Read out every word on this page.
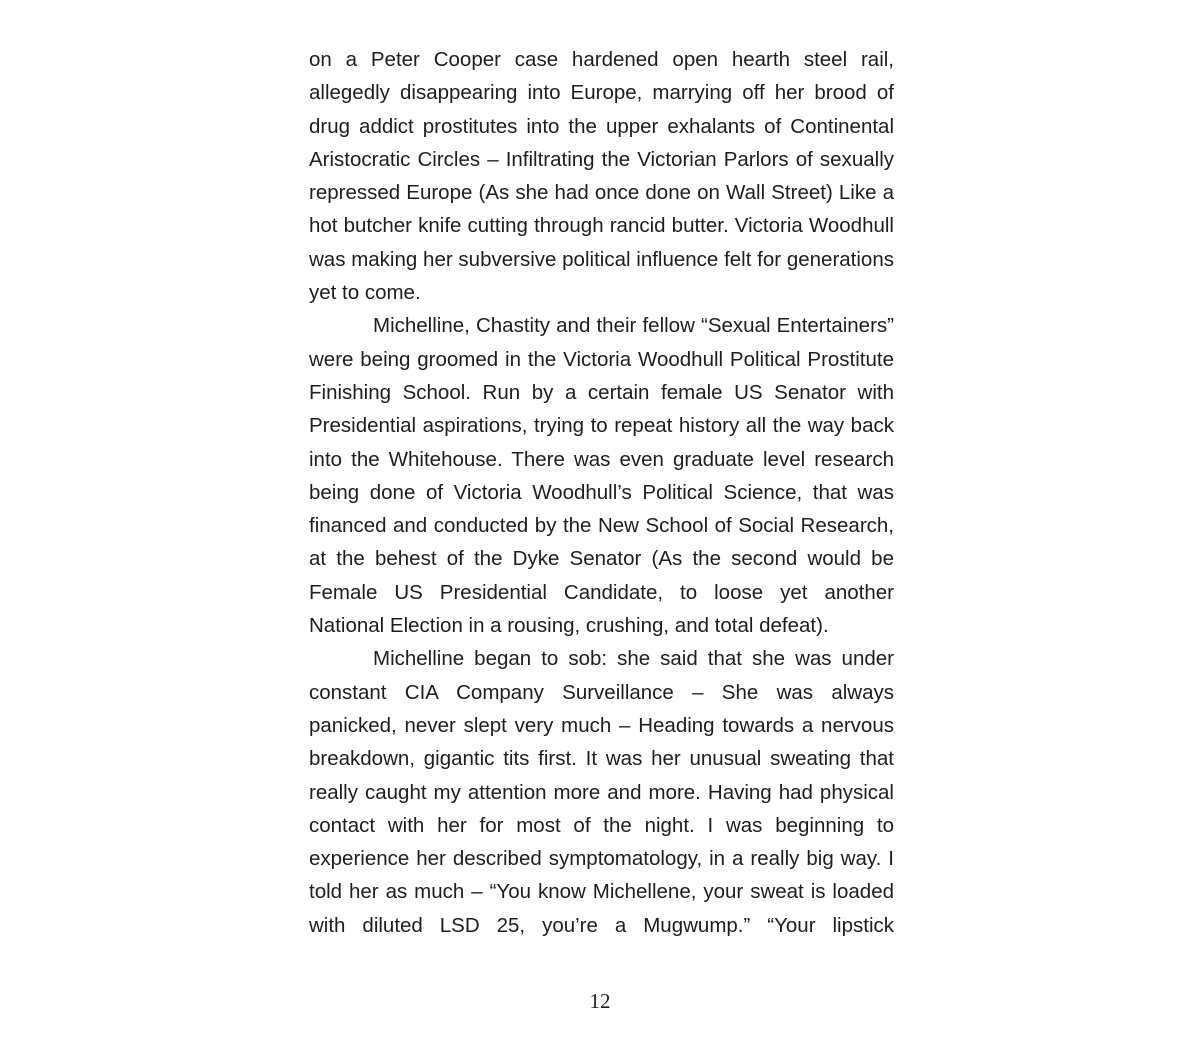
on a Peter Cooper case hardened open hearth steel rail, allegedly disappearing into Europe, marrying off her brood of drug addict prostitutes into the upper exhalants of Continental Aristocratic Circles – Infiltrating the Victorian Parlors of sexually repressed Europe (As she had once done on Wall Street) Like a hot butcher knife cutting through rancid butter. Victoria Woodhull was making her subversive political influence felt for generations yet to come.

Michelline, Chastity and their fellow “Sexual Entertainers” were being groomed in the Victoria Woodhull Political Prostitute Finishing School. Run by a certain female US Senator with Presidential aspirations, trying to repeat history all the way back into the Whitehouse. There was even graduate level research being done of Victoria Woodhull’s Political Science, that was financed and conducted by the New School of Social Research, at the behest of the Dyke Senator (As the second would be Female US Presidential Candidate, to loose yet another National Election in a rousing, crushing, and total defeat).

Michelline began to sob: she said that she was under constant CIA Company Surveillance – She was always panicked, never slept very much – Heading towards a nervous breakdown, gigantic tits first. It was her unusual sweating that really caught my attention more and more. Having had physical contact with her for most of the night. I was beginning to experience her described symptomatology, in a really big way. I told her as much – “You know Michellene, your sweat is loaded with diluted LSD 25, you’re a Mugwump.” “Your lipstick

12
